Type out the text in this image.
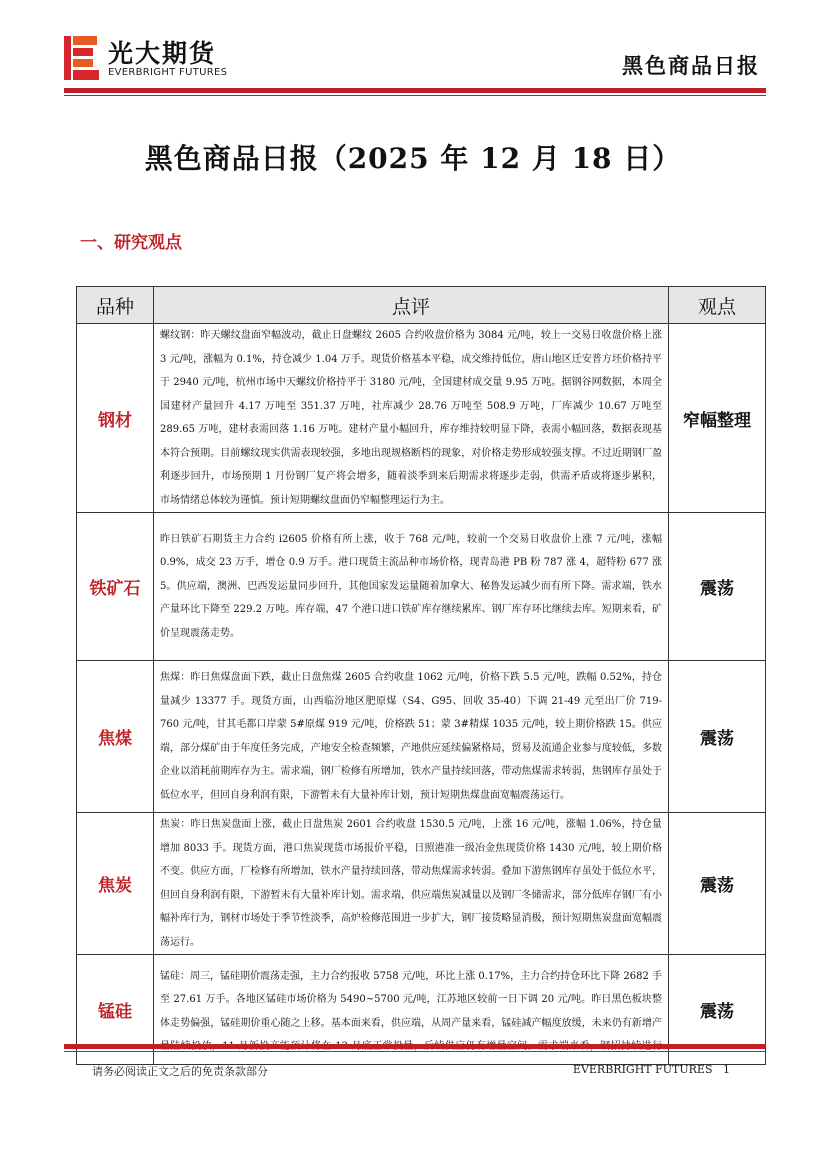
光大期货
EVERBRIGHT FUTURES	黑色商品日报
黑色商品日报（2025 年 12 月 18 日）
一、研究观点
品种	点评	观点
钢材	螺纹钢：昨天螺纹盘面窄幅波动，截止日盘螺纹 2605 合约收盘价格为 3084 元/吨，较上一交易日收盘价格上涨 3 元/吨，涨幅为 0.1%，持仓减少 1.04 万手。现货价格基本平稳，成交维持低位，唐山地区迁安普方坯价格持平于 2940 元/吨，杭州市场中天螺纹价格持平于 3180 元/吨，全国建材成交量 9.95 万吨。据钢谷网数据，本周全国建材产量回升 4.17 万吨至 351.37 万吨，社库减少 28.76 万吨至 508.9 万吨，厂库减少 10.67 万吨至 289.65 万吨，建材表需回落 1.16 万吨。建材产量小幅回升，库存维持较明显下降，表需小幅回落，数据表现基本符合预期。目前螺纹现实供需表现较强，多地出现规格断档的现象，对价格走势形成较强支撑。不过近期钢厂盈利逐步回升，市场预期 1 月份钢厂复产将会增多，随着淡季到来后期需求将逐步走弱，供需矛盾或将逐步累积，市场情绪总体较为谨慎。预计短期螺纹盘面仍窄幅整理运行为主。	窄幅整理
铁矿石	昨日铁矿石期货主力合约 i2605 价格有所上涨，收于 768 元/吨，较前一个交易日收盘价上涨 7 元/吨，涨幅 0.9%，成交 23 万手，增仓 0.9 万手。港口现货主流品种市场价格，现青岛港 PB 粉 787 涨 4，超特粉 677 涨 5。供应端，澳洲、巴西发运量同步回升，其他国家发运量随着加拿大、秘鲁发运减少而有所下降。需求端，铁水产量环比下降至 229.2 万吨。库存端，47 个港口进口铁矿库存继续累库、钢厂库存环比继续去库。短期来看，矿价呈现震荡走势。	震荡
焦煤	焦煤：昨日焦煤盘面下跌，截止日盘焦煤 2605 合约收盘 1062 元/吨，价格下跌 5.5 元/吨，跌幅 0.52%，持仓量减少 13377 手。现货方面，山西临汾地区肥原煤（S4、G95、回收 35-40）下调 21-49 元至出厂价 719-760 元/吨，甘其毛都口岸蒙 5#原煤 919 元/吨，价格跌 51；蒙 3#精煤 1035 元/吨，较上期价格跌 15。供应端，部分煤矿由于年度任务完成，产地安全检查频繁，产地供应延续偏紧格局，贸易及流通企业参与度较低，多数企业以消耗前期库存为主。需求端，钢厂检修有所增加，铁水产量持续回落，带动焦煤需求转弱，焦钢库存虽处于低位水平，但回自身利润有限，下游暂未有大量补库计划，预计短期焦煤盘面宽幅震荡运行。	震荡
焦炭	焦炭：昨日焦炭盘面上涨，截止日盘焦炭 2601 合约收盘 1530.5 元/吨，上涨 16 元/吨，涨幅 1.06%，持仓量增加 8033 手。现货方面，港口焦炭现货市场报价平稳，日照港准一级冶金焦现货价格 1430 元/吨，较上期价格不变。供应方面，厂检修有所增加，铁水产量持续回落，带动焦煤需求转弱。叠加下游焦钢库存虽处于低位水平，但回自身利润有限，下游暂未有大量补库计划。需求端，供应端焦炭减量以及钢厂冬储需求，部分低库存钢厂有小幅补库行为，钢材市场处于季节性淡季，高炉检修范围进一步扩大，钢厂接货略显消极，预计短期焦炭盘面宽幅震荡运行。	震荡
锰硅	锰硅：周三，锰硅期价震荡走强，主力合约报收 5758 元/吨，环比上涨 0.17%，主力合约持仓环比下降 2682 手至 27.61 万手。各地区锰硅市场价格为 5490~5700 元/吨，江苏地区较前一日下调 20 元/吨。昨日黑色板块整体走势偏强，锰硅期价重心随之上移。基本面来看，供应端，从周产量来看，锰硅减产幅度放缓，未来仍有新增产	震荡
请务必阅读正文之后的免责条款部分	EVERBRIGHT FUTURES 1
